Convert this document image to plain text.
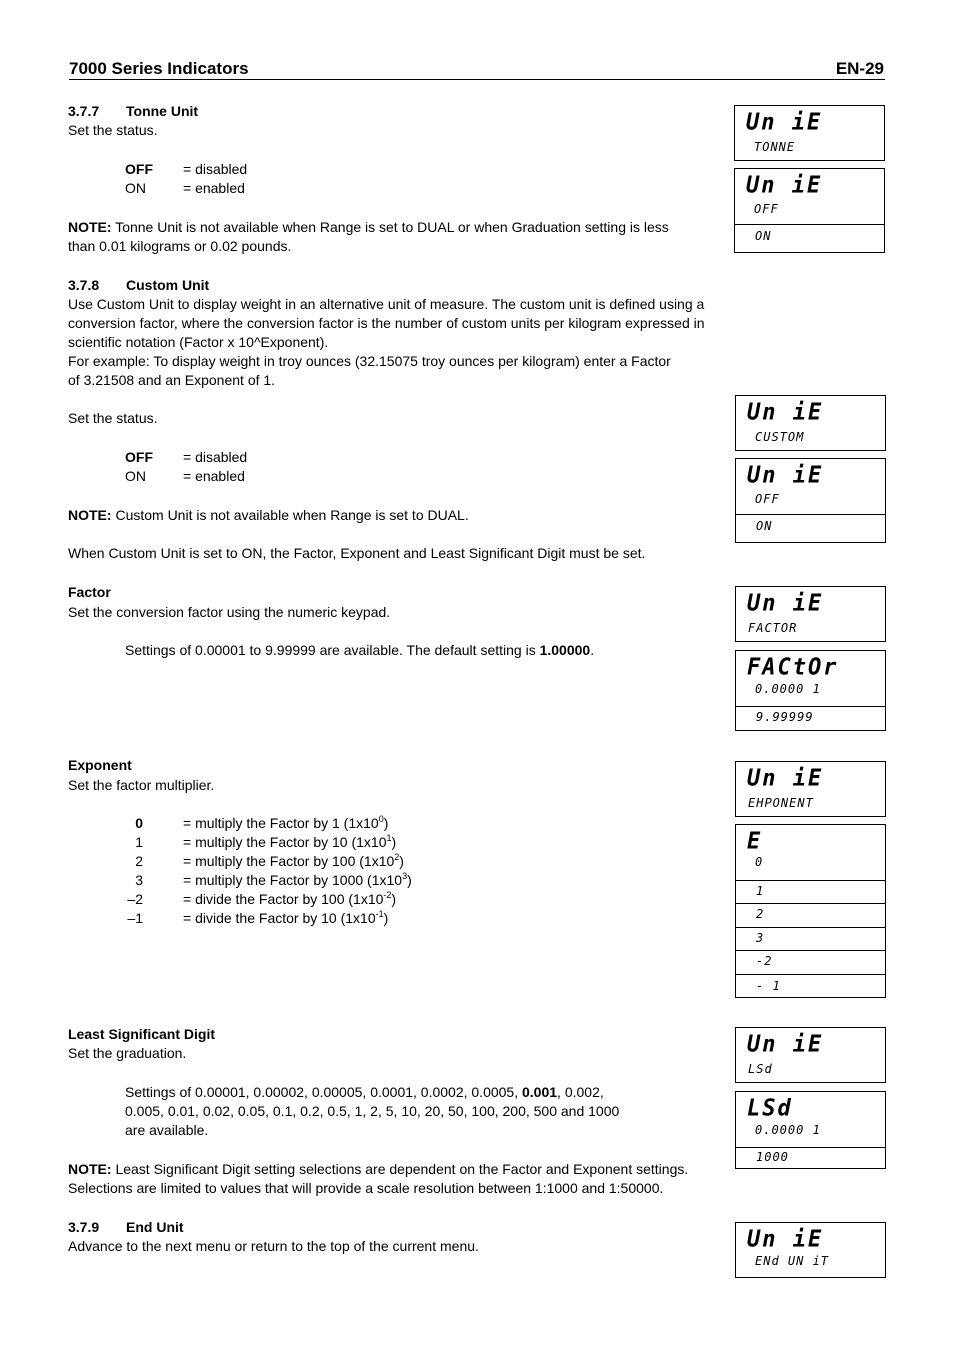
7000 Series Indicators	EN-29
3.7.7 Tonne Unit
Set the status.
OFF = disabled
ON	= enabled
NOTE: Tonne Unit is not available when Range is set to DUAL or when Graduation setting is less
than 0.01 kilograms or 0.02 pounds.
3.7.8 Custom Unit
Use Custom Unit to display weight in an alternative unit of measure. The custom unit is defined using a
conversion factor, where the conversion factor is the number of custom units per kilogram expressed in
scientific notation (Factor x 10^Exponent).
For example: To display weight in troy ounces (32.15075 troy ounces per kilogram) enter a Factor
of 3.21508 and an Exponent of 1.
Set the status.
OFF = disabled
ON	= enabled
NOTE: Custom Unit is not available when Range is set to DUAL.
When Custom Unit is set to ON, the Factor, Exponent and Least Significant Digit must be set.
Factor
Set the conversion factor using the numeric keypad.
Settings of 0.00001 to 9.99999 are available. The default setting is 1.00000.
Exponent
Set the factor multiplier.
0	= multiply the Factor by 1 $(1x10^0)$
1	= multiply the Factor by 10 $(1x10^1)$
2	= multiply the Factor by 100 $(1x10^2)$
3	= multiply the Factor by 1000 $(1x10^3)$
–2	= divide the Factor by 100 $(1x10^{-2})$
–1	= divide the Factor by 10 $(1x10^{-1})$
Least Significant Digit
Set the graduation.
Settings of 0.00001, 0.00002, 0.00005, 0.0001, 0.0002, 0.0005, 0.001, 0.002,
0.005, 0.01, 0.02, 0.05, 0.1, 0.2, 0.5, 1, 2, 5, 10, 20, 50, 100, 200, 500 and 1000
are available.
NOTE: Least Significant Digit setting selections are dependent on the Factor and Exponent settings.
Selections are limited to values that will provide a scale resolution between 1:1000 and 1:50000.
3.7.9 End Unit
Advance to the next menu or return to the top of the current menu.
Un iE
TONNE
Un iE
OFF
ON
Un iE
CUSTOM
Un iE
OFF
ON
Un iE
FACTOR
FACtOr
0.0000 1
9.99999
Un iE
EHPONENT
E
0
1
2
3
-2
- 1
Un iE
LSd
LSd
0.0000 1
1000
Un iE
ENd UN iT
